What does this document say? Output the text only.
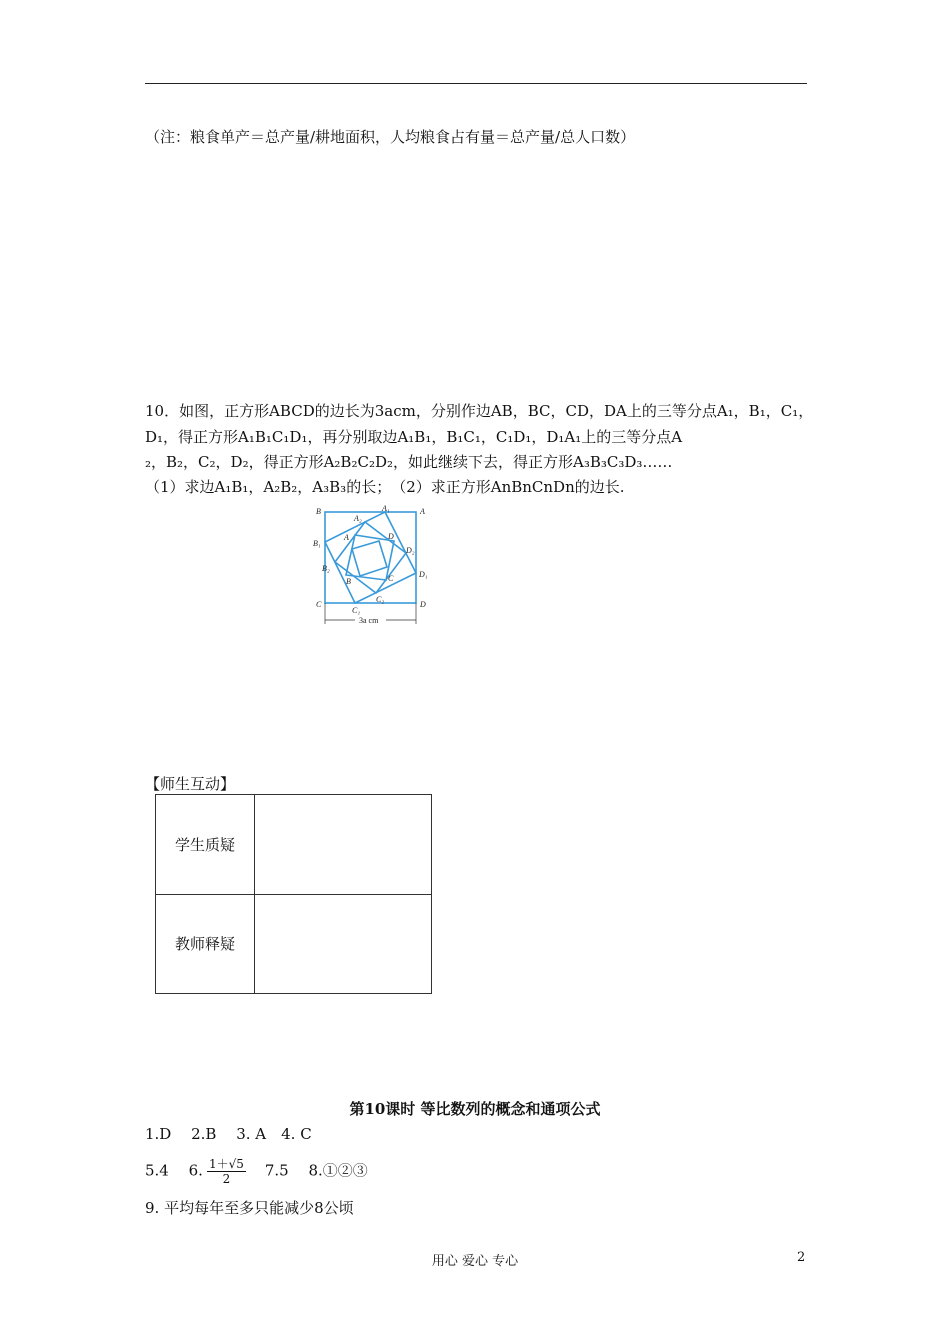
（注：粮食单产＝总产量/耕地面积，人均粮食占有量＝总产量/总人口数）
10．如图，正方形ABCD的边长为3acm，分别作边AB，BC，CD，DA上的三等分点A₁，B₁，C₁，
D₁，得正方形A₁B₁C₁D₁，再分别取边A₁B₁，B₁C₁，C₁D₁，D₁A₁上的三等分点A
₂，B₂，C₂，D₂，得正方形A₂B₂C₂D₂，如此继续下去，得正方形A₃B₃C₃D₃……
（1）求边A₁B₁，A₂B₂，A₃B₃的长；　（2）求正方形AnBnCnDn的边长.
B	A
A₁
A₂
A
B₁
D
D₂
B₂
B	C	D₁
C₂
C
C₁
D
3a cm
【师生互动】
学生质疑	
教师释疑	
第10课时 等比数列的概念和通项公式
1.D　 2.B　 3. A　4. C
5.4　 6. $\frac{1+√5}{2}$ 　7.5　 8.①②③
9. 平均每年至多只能减少8公顷
用心 爱心 专心	2
